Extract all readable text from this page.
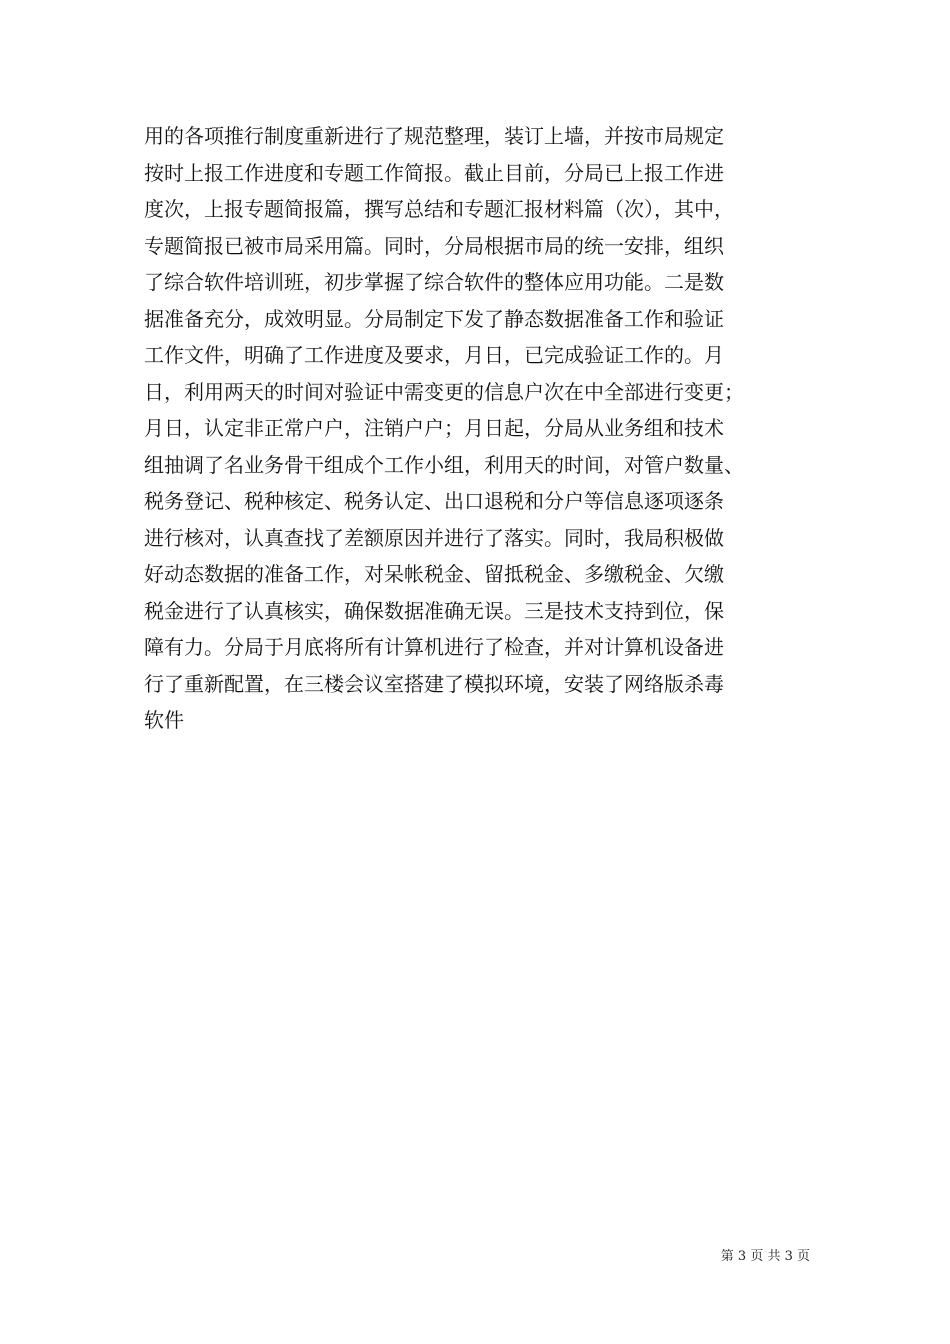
用的各项推行制度重新进行了规范整理，装订上墙，并按市局规定
按时上报工作进度和专题工作简报。截止目前，分局已上报工作进
度次，上报专题简报篇，撰写总结和专题汇报材料篇（次），其中，
专题简报已被市局采用篇。同时，分局根据市局的统一安排，组织
了综合软件培训班，初步掌握了综合软件的整体应用功能。二是数
据准备充分，成效明显。分局制定下发了静态数据准备工作和验证
工作文件，明确了工作进度及要求，月日，已完成验证工作的。月
日，利用两天的时间对验证中需变更的信息户次在中全部进行变更；
月日，认定非正常户户，注销户户；月日起，分局从业务组和技术
组抽调了名业务骨干组成个工作小组，利用天的时间，对管户数量、
税务登记、税种核定、税务认定、出口退税和分户等信息逐项逐条
进行核对，认真查找了差额原因并进行了落实。同时，我局积极做
好动态数据的准备工作，对呆帐税金、留抵税金、多缴税金、欠缴
税金进行了认真核实，确保数据准确无误。三是技术支持到位，保
障有力。分局于月底将所有计算机进行了检查，并对计算机设备进
行了重新配置，在三楼会议室搭建了模拟环境，安装了网络版杀毒
软件
第 3 页 共 3 页
